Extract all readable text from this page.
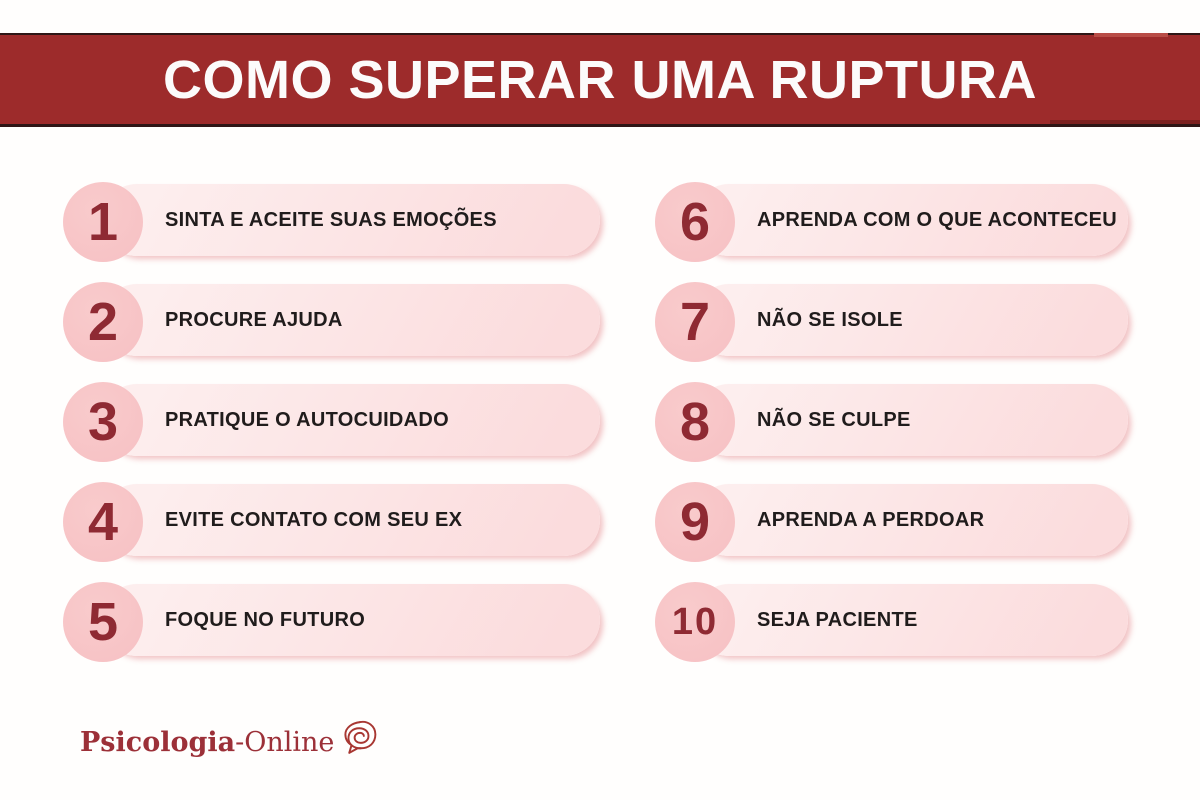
COMO SUPERAR UMA RUPTURA
SINTA E ACEITE SUAS EMOÇÕES
1
PROCURE AJUDA
2
PRATIQUE O AUTOCUIDADO
3
EVITE CONTATO COM SEU EX
4
FOQUE NO FUTURO
5
APRENDA COM O QUE ACONTECEU
6
NÃO SE ISOLE
7
NÃO SE CULPE
8
APRENDA A PERDOAR
9
SEJA PACIENTE
10
Psicologia -Online
